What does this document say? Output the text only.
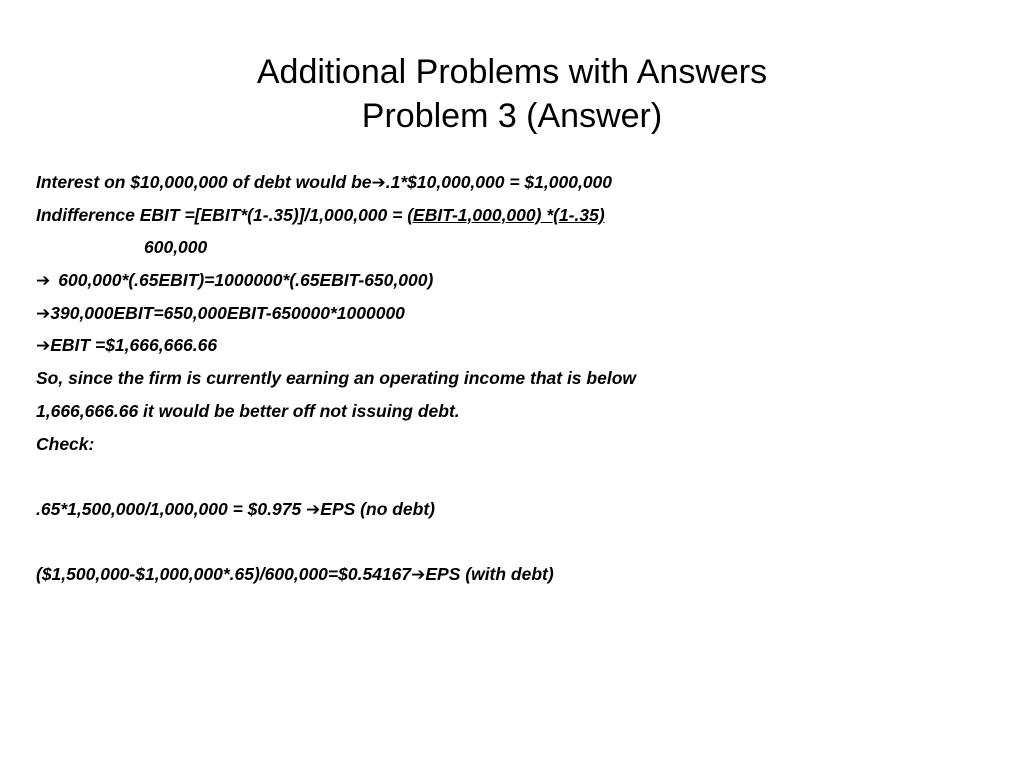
Additional Problems with Answers
Problem 3 (Answer)
Interest on $10,000,000 of debt would be➔.1*$10,000,000 = $1,000,000
Indifference EBIT =[EBIT*(1-.35)]/1,000,000 = (EBIT-1,000,000) *(1-.35)
600,000
➔ 600,000*(.65EBIT)=1000000*(.65EBIT-650,000)
➔390,000EBIT=650,000EBIT-650000*1000000
➔EBIT =$1,666,666.66
So, since the firm is currently earning an operating income that is below
1,666,666.66 it would be better off not issuing debt.
Check:
.65*1,500,000/1,000,000 = $0.975 ➔EPS (no debt)
($1,500,000-$1,000,000*.65)/600,000=$0.54167➔EPS (with debt)
